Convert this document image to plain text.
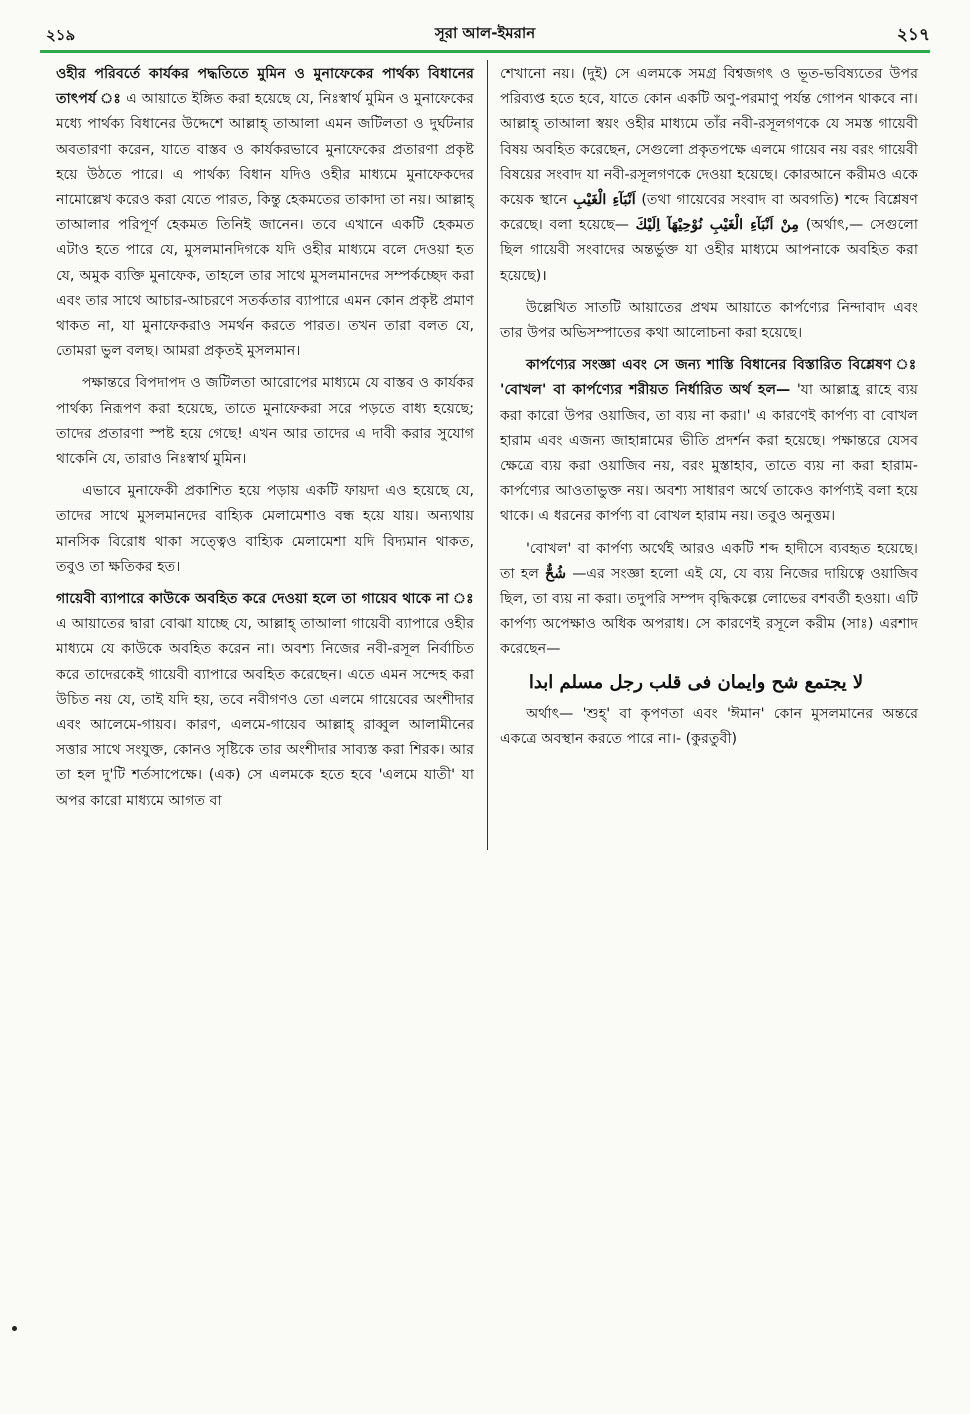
২১৯	সূরা আল-ইমরান	২১৭

ওহীর পরিবর্তে কার্যকর পদ্ধতিতে মুমিন ও মুনাফেকের পার্থক্য বিধানের তাৎপর্য ঃ এ আয়াতে ইঙ্গিত করা হয়েছে যে, নিঃস্বার্থ মুমিন ও মুনাফেকের মধ্যে পার্থক্য বিধানের উদ্দেশে আল্লাহ্ তাআলা এমন জটিলতা ও দুর্ঘটনার অবতারণা করেন, যাতে বাস্তব ও কার্যকরভাবে মুনাফেকের প্রতারণা প্রকৃষ্ট হয়ে উঠতে পারে। এ পার্থক্য বিধান যদিও ওহীর মাধ্যমে মুনাফেকদের নামোল্লেখ করেও করা যেতে পারত, কিন্তু হেকমতের তাকাদা তা নয়। আল্লাহ্ তাআলার পরিপূর্ণ হেকমত তিনিই জানেন। তবে এখানে একটি হেকমত এটাও হতে পারে যে, মুসলমানদিগকে যদি ওহীর মাধ্যমে বলে দেওয়া হত যে, অমুক ব্যক্তি মুনাফেক, তাহলে তার সাথে মুসলমানদের সম্পর্কচ্ছেদ করা এবং তার সাথে আচার-আচরণে সতর্কতার ব্যাপারে এমন কোন প্রকৃষ্ট প্রমাণ থাকত না, যা মুনাফেকরাও সমর্থন করতে পারত। তখন তারা বলত যে, তোমরা ভুল বলছ। আমরা প্রকৃতই মুসলমান।

পক্ষান্তরে বিপদাপদ ও জটিলতা আরোপের মাধ্যমে যে বাস্তব ও কার্যকর পার্থক্য নিরূপণ করা হয়েছে, তাতে মুনাফেকরা সরে পড়তে বাধ্য হয়েছে; তাদের প্রতারণা স্পষ্ট হয়ে গেছে! এখন আর তাদের এ দাবী করার সুযোগ থাকেনি যে, তারাও নিঃস্বার্থ মুমিন।

এভাবে মুনাফেকী প্রকাশিত হয়ে পড়ায় একটি ফায়দা এও হয়েছে যে, তাদের সাথে মুসলমানদের বাহ্যিক মেলামেশাও বন্ধ হয়ে যায়। অন্যথায় মানসিক বিরোধ থাকা সত্ত্বেও বাহ্যিক মেলামেশা যদি বিদ্যমান থাকত, তবুও তা ক্ষতিকর হত।

গায়েবী ব্যাপারে কাউকে অবহিত করে দেওয়া হলে তা গায়েব থাকে না ঃ এ আয়াতের দ্বারা বোঝা যাচ্ছে যে, আল্লাহ্ তাআলা গায়েবী ব্যাপারে ওহীর মাধ্যমে যে কাউকে অবহিত করেন না। অবশ্য নিজের নবী-রসূল নির্বাচিত করে তাদেরকেই গায়েবী ব্যাপারে অবহিত করেছেন। এতে এমন সন্দেহ করা উচিত নয় যে, তাই যদি হয়, তবে নবীগণও তো এলমে গায়েবের অংশীদার এবং আলেমে-গায়ব। কারণ, এলমে-গায়েব আল্লাহ্ রাব্বুল আলামীনের সত্তার সাথে সংযুক্ত, কোনও সৃষ্টিকে তার অংশীদার সাব্যস্ত করা শিরক। আর তা হল দু'টি শর্তসাপেক্ষে। (এক) সে এলমকে হতে হবে 'এলমে যাতী' যা অপর কারো মাধ্যমে আগত বা

শেখানো নয়। (দুই) সে এলমকে সমগ্র বিশ্বজগৎ ও ভূত-ভবিষ্যতের উপর পরিব্যপ্ত হতে হবে, যাতে কোন একটি অণু-পরমাণু পর্যন্ত গোপন থাকবে না। আল্লাহ্ তাআলা স্বয়ং ওহীর মাধ্যমে তাঁর নবী-রসূলগণকে যে সমস্ত গায়েবী বিষয় অবহিত করেছেন, সেগুলো প্রকৃতপক্ষে এলমে গায়েব নয় বরং গায়েবী বিষয়ের সংবাদ যা নবী-রসূলগণকে দেওয়া হয়েছে। কোরআনে করীমও একে কয়েক স্থানে اَنْبَآءِ الْغَيْبِ (তথা গায়েবের সংবাদ বা অবগতি) শব্দে বিশ্লেষণ করেছে। বলা হয়েছে— مِنْ اَنْبَآءِ الْغَيْبِ نُوْحِيْهَآ اِلَيْكَ (অর্থাৎ,— সেগুলো ছিল গায়েবী সংবাদের অন্তর্ভুক্ত যা ওহীর মাধ্যমে আপনাকে অবহিত করা হয়েছে)।

উল্লেখিত সাতটি আয়াতের প্রথম আয়াতে কার্পণ্যের নিন্দাবাদ এবং তার উপর অভিসম্পাতের কথা আলোচনা করা হয়েছে।

কার্পণ্যের সংজ্ঞা এবং সে জন্য শাস্তি বিধানের বিস্তারিত বিশ্লেষণ ঃ 'বোখল' বা কার্পণ্যের শরীয়ত নির্ধারিত অর্থ হল— 'যা আল্লাহ্র রাহে ব্যয় করা কারো উপর ওয়াজিব, তা ব্যয় না করা।' এ কারণেই কার্পণ্য বা বোখল হারাম এবং এজন্য জাহান্নামের ভীতি প্রদর্শন করা হয়েছে। পক্ষান্তরে যেসব ক্ষেত্রে ব্যয় করা ওয়াজিব নয়, বরং মুস্তাহাব, তাতে ব্যয় না করা হারাম-কার্পণ্যের আওতাভুক্ত নয়। অবশ্য সাধারণ অর্থে তাকেও কার্পণ্যই বলা হয়ে থাকে। এ ধরনের কার্পণ্য বা বোখল হারাম নয়। তবুও অনুত্তম।

'বোখল' বা কার্পণ্য অর্থেই আরও একটি শব্দ হাদীসে ব্যবহৃত হয়েছে। তা হল شُحٌّ —এর সংজ্ঞা হলো এই যে, যে ব্যয় নিজের দায়িত্বে ওয়াজিব ছিল, তা ব্যয় না করা। তদুপরি সম্পদ বৃদ্ধিকল্পে লোভের বশবর্তী হওয়া। এটি কার্পণ্য অপেক্ষাও অধিক অপরাধ। সে কারণেই রসূলে করীম (সাঃ) এরশাদ করেছেন—

لا يجتمع شح وايمان فى قلب رجل مسلم ابدا

অর্থাৎ— 'শুহ্' বা কৃপণতা এবং 'ঈমান' কোন মুসলমানের অন্তরে একত্রে অবস্থান করতে পারে না।- (কুরতুবী)
